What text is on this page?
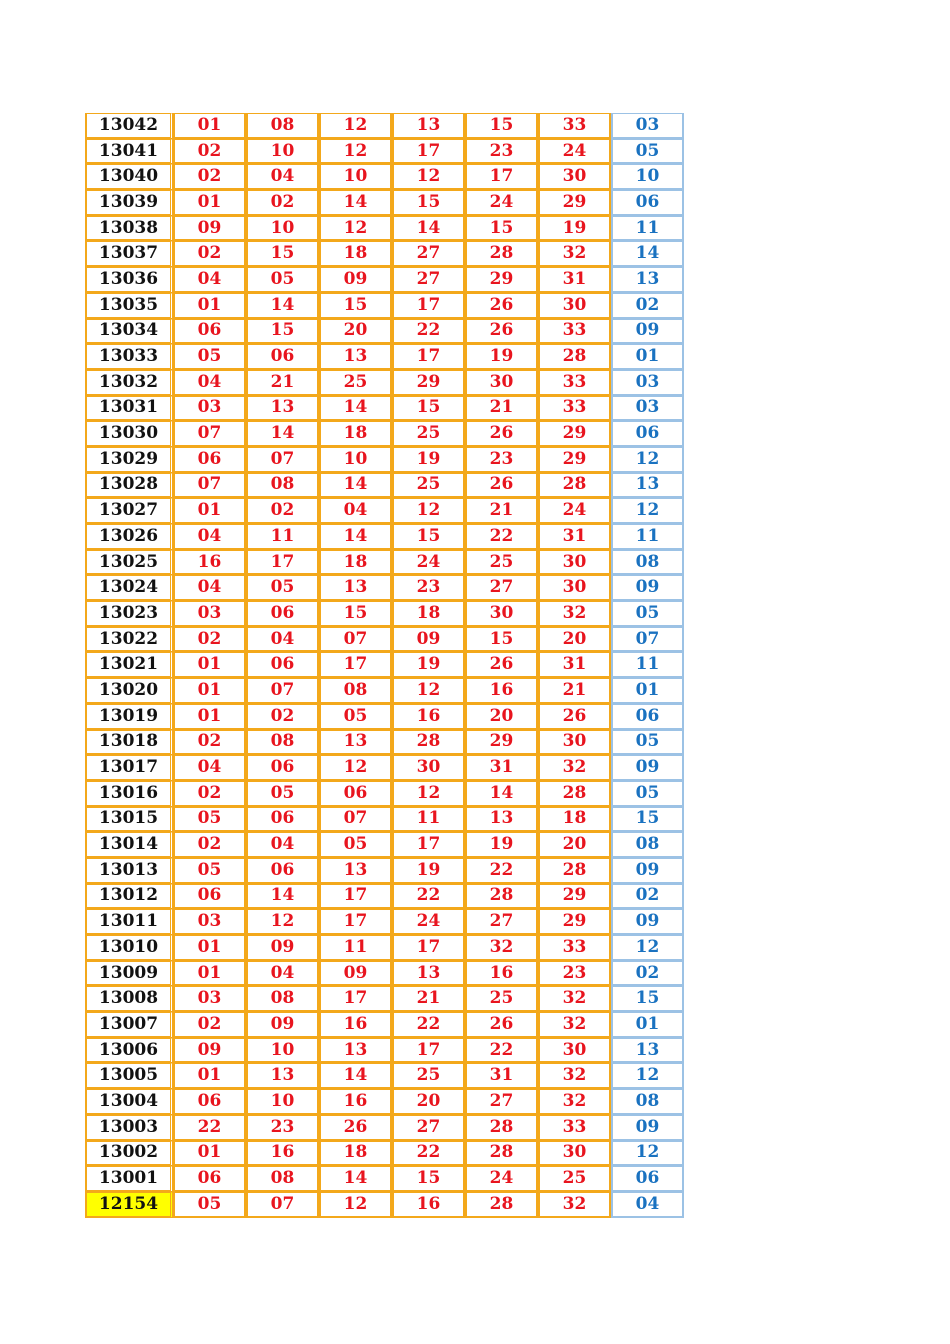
13042	01	08	12	13	15	33	03
13041	02	10	12	17	23	24	05
13040	02	04	10	12	17	30	10
13039	01	02	14	15	24	29	06
13038	09	10	12	14	15	19	11
13037	02	15	18	27	28	32	14
13036	04	05	09	27	29	31	13
13035	01	14	15	17	26	30	02
13034	06	15	20	22	26	33	09
13033	05	06	13	17	19	28	01
13032	04	21	25	29	30	33	03
13031	03	13	14	15	21	33	03
13030	07	14	18	25	26	29	06
13029	06	07	10	19	23	29	12
13028	07	08	14	25	26	28	13
13027	01	02	04	12	21	24	12
13026	04	11	14	15	22	31	11
13025	16	17	18	24	25	30	08
13024	04	05	13	23	27	30	09
13023	03	06	15	18	30	32	05
13022	02	04	07	09	15	20	07
13021	01	06	17	19	26	31	11
13020	01	07	08	12	16	21	01
13019	01	02	05	16	20	26	06
13018	02	08	13	28	29	30	05
13017	04	06	12	30	31	32	09
13016	02	05	06	12	14	28	05
13015	05	06	07	11	13	18	15
13014	02	04	05	17	19	20	08
13013	05	06	13	19	22	28	09
13012	06	14	17	22	28	29	02
13011	03	12	17	24	27	29	09
13010	01	09	11	17	32	33	12
13009	01	04	09	13	16	23	02
13008	03	08	17	21	25	32	15
13007	02	09	16	22	26	32	01
13006	09	10	13	17	22	30	13
13005	01	13	14	25	31	32	12
13004	06	10	16	20	27	32	08
13003	22	23	26	27	28	33	09
13002	01	16	18	22	28	30	12
13001	06	08	14	15	24	25	06
12154	05	07	12	16	28	32	04
